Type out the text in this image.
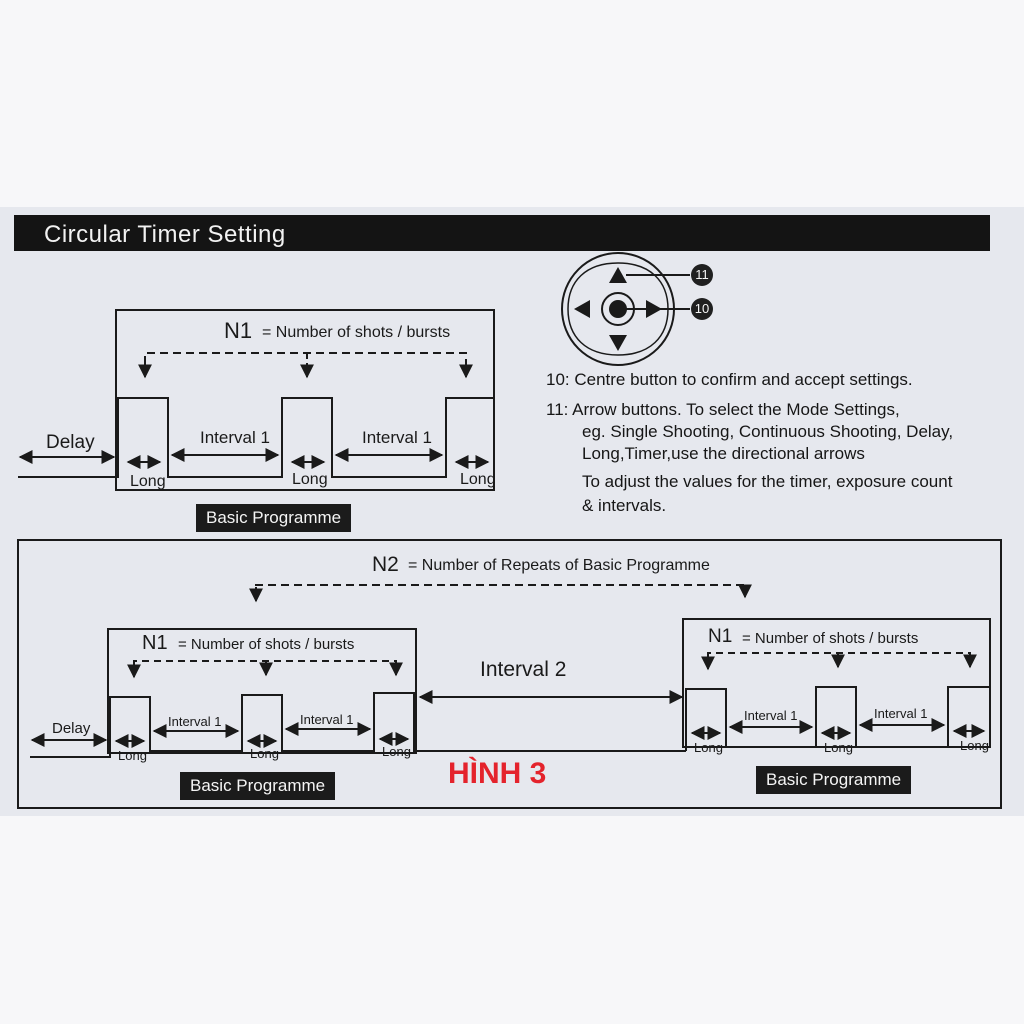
Circular Timer Setting
11
10
N1 = Number of shots / bursts
Delay	Interval 1	Interval 1
Long	Long	Long
Basic Programme
10: Centre button to confirm and accept settings.
11: Arrow buttons. To select the Mode Settings,
eg. Single Shooting, Continuous Shooting, Delay,
Long,Timer,use the directional arrows
To adjust the values for the timer, exposure count
& intervals.
N2 = Number of Repeats of Basic Programme
N1 = Number of shots / bursts
Delay	Interval 1	Interval 1
Long	Long	Long
Basic Programme
Interval 2
N1 = Number of shots / bursts
Interval 1	Interval 1
Long	Long	Long
Basic Programme
HÌNH 3
